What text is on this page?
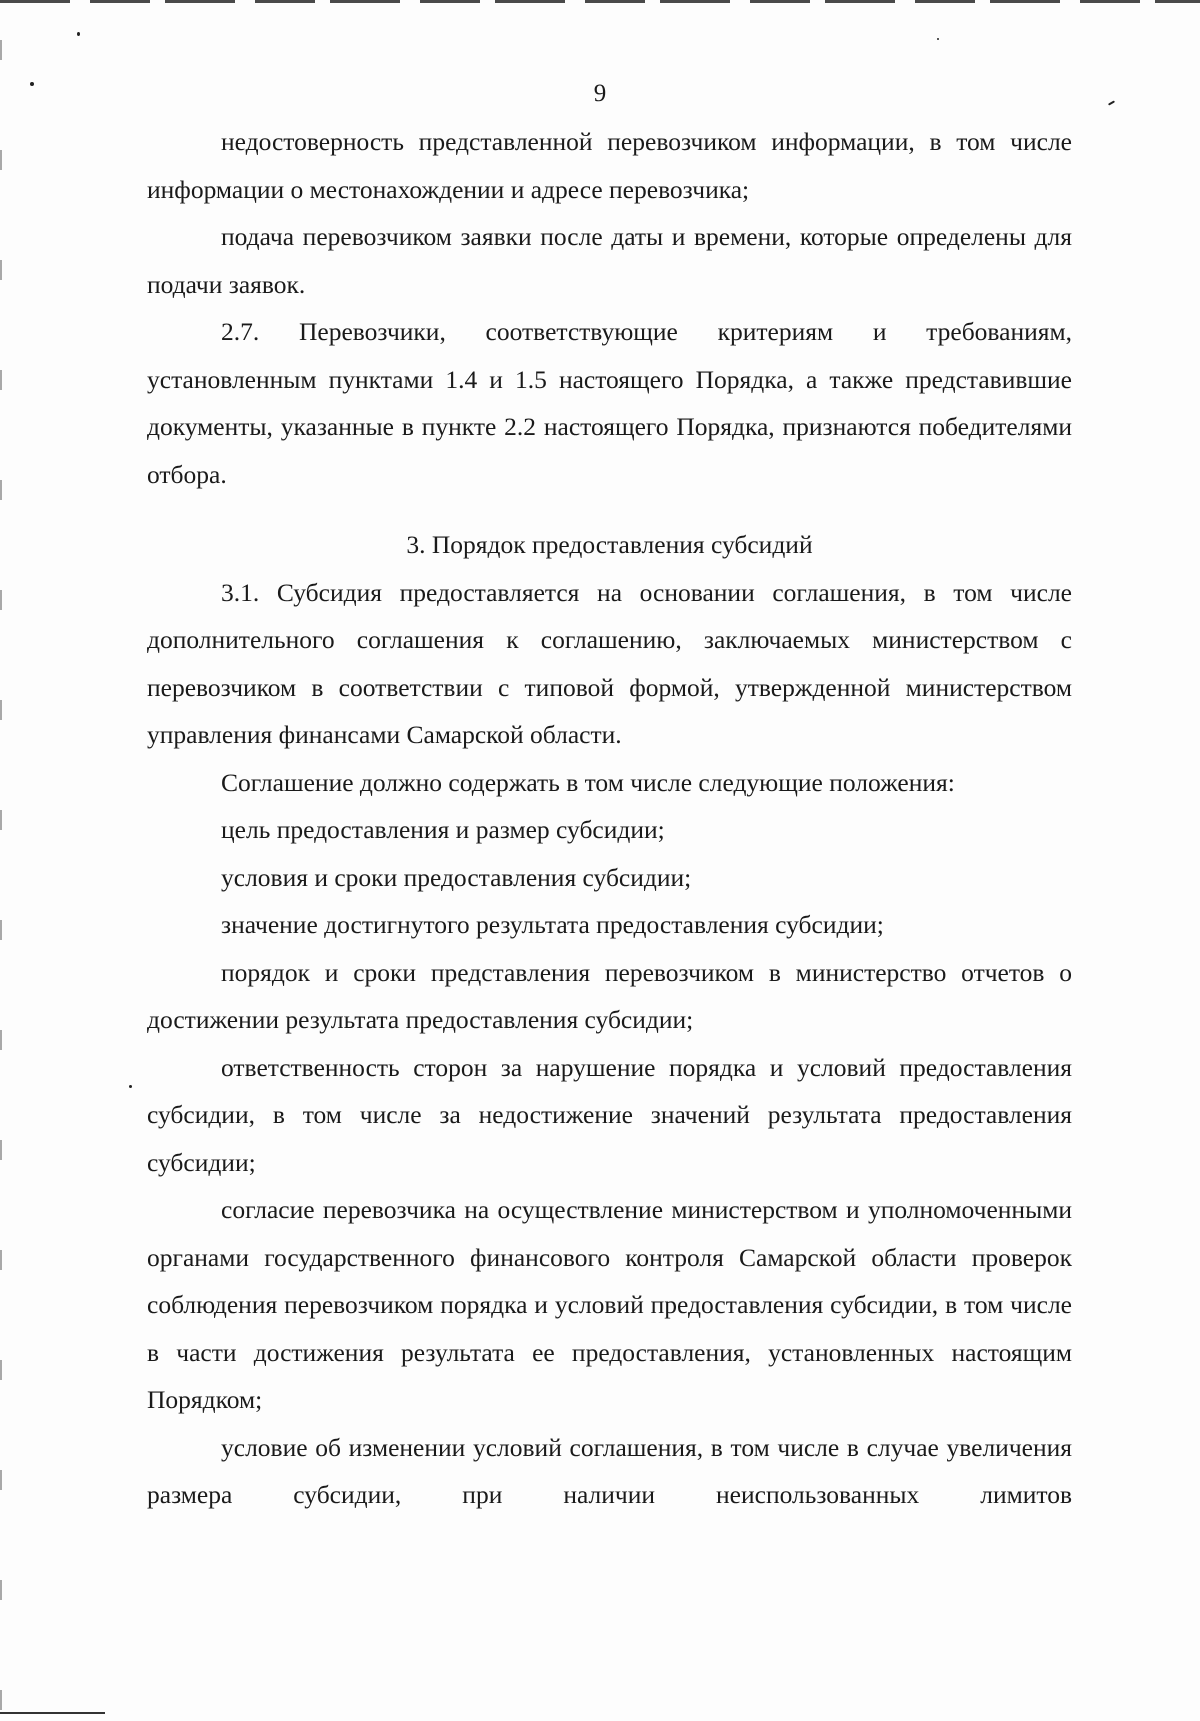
9

недостоверность представленной перевозчиком информации, в том числе информации о местонахождении и адресе перевозчика;

подача перевозчиком заявки после даты и времени, которые определены для подачи заявок.

2.7. Перевозчики, соответствующие критериям и требованиям, установленным пунктами 1.4 и 1.5 настоящего Порядка, а также представившие документы, указанные в пункте 2.2 настоящего Порядка, признаются победителями отбора.

3. Порядок предоставления субсидий

3.1. Субсидия предоставляется на основании соглашения, в том числе дополнительного соглашения к соглашению, заключаемых министерством с перевозчиком в соответствии с типовой формой, утвержденной министерством управления финансами Самарской области.

Соглашение должно содержать в том числе следующие положения:

цель предоставления и размер субсидии;

условия и сроки предоставления субсидии;

значение достигнутого результата предоставления субсидии;

порядок и сроки представления перевозчиком в министерство отчетов о достижении результата предоставления субсидии;

ответственность сторон за нарушение порядка и условий предоставления субсидии, в том числе за недостижение значений результата предоставления субсидии;

согласие перевозчика на осуществление министерством и уполномоченными органами государственного финансового контроля Самарской области проверок соблюдения перевозчиком порядка и условий предоставления субсидии, в том числе в части достижения результата ее предоставления, установленных настоящим Порядком;

условие об изменении условий соглашения, в том числе в случае увеличения размера субсидии, при наличии неиспользованных лимитов
